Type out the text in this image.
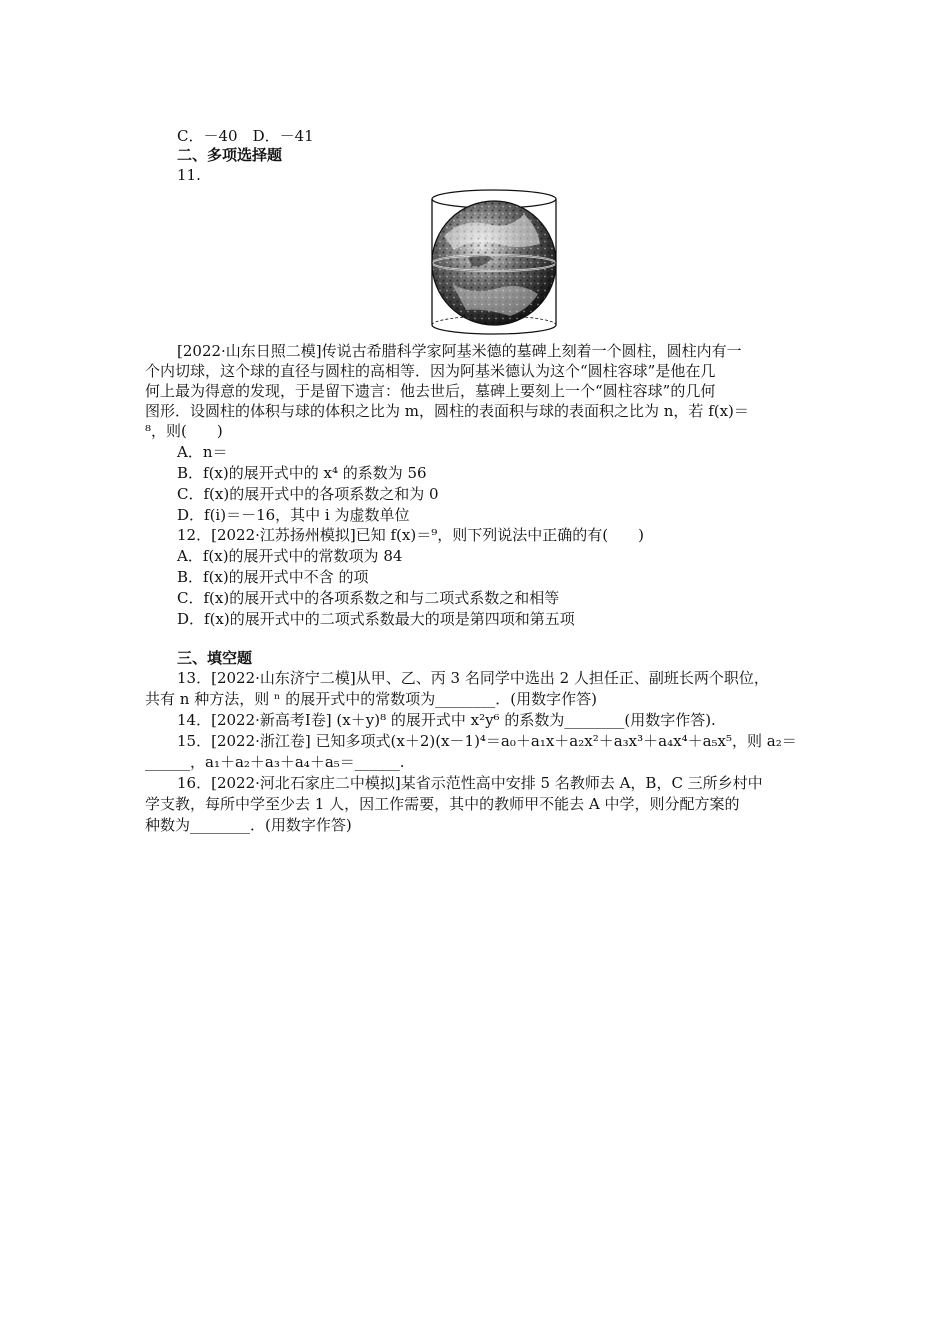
C．－40　D．－41
二、多项选择题
11.
[2022·山东日照二模]传说古希腊科学家阿基米德的墓碑上刻着一个圆柱，圆柱内有一
个内切球，这个球的直径与圆柱的高相等．因为阿基米德认为这个“圆柱容球”是他在几
何上最为得意的发现，于是留下遗言：他去世后，墓碑上要刻上一个“圆柱容球”的几何
图形．设圆柱的体积与球的体积之比为 m，圆柱的表面积与球的表面积之比为 n，若 f(x)＝
⁸，则(　　)
A．n＝
B．f(x)的展开式中的 x⁴ 的系数为 56
C．f(x)的展开式中的各项系数之和为 0
D．f(i)＝－16，其中 i 为虚数单位
12．[2022·江苏扬州模拟]已知 f(x)＝⁹，则下列说法中正确的有(　　)
A．f(x)的展开式中的常数项为 84
B．f(x)的展开式中不含 的项
C．f(x)的展开式中的各项系数之和与二项式系数之和相等
D．f(x)的展开式中的二项式系数最大的项是第四项和第五项
三、填空题
13．[2022·山东济宁二模]从甲、乙、丙 3 名同学中选出 2 人担任正、副班长两个职位，
共有 n 种方法，则 ⁿ 的展开式中的常数项为________．(用数字作答)
14．[2022·新高考Ⅰ卷] (x＋y)⁸ 的展开式中 x²y⁶ 的系数为________(用数字作答).
15．[2022·浙江卷] 已知多项式(x＋2)(x－1)⁴＝a₀＋a₁x＋a₂x²＋a₃x³＋a₄x⁴＋a₅x⁵，则 a₂＝
______，a₁＋a₂＋a₃＋a₄＋a₅＝______.
16．[2022·河北石家庄二中模拟]某省示范性高中安排 5 名教师去 A，B，C 三所乡村中
学支教，每所中学至少去 1 人，因工作需要，其中的教师甲不能去 A 中学，则分配方案的
种数为________．(用数字作答)
